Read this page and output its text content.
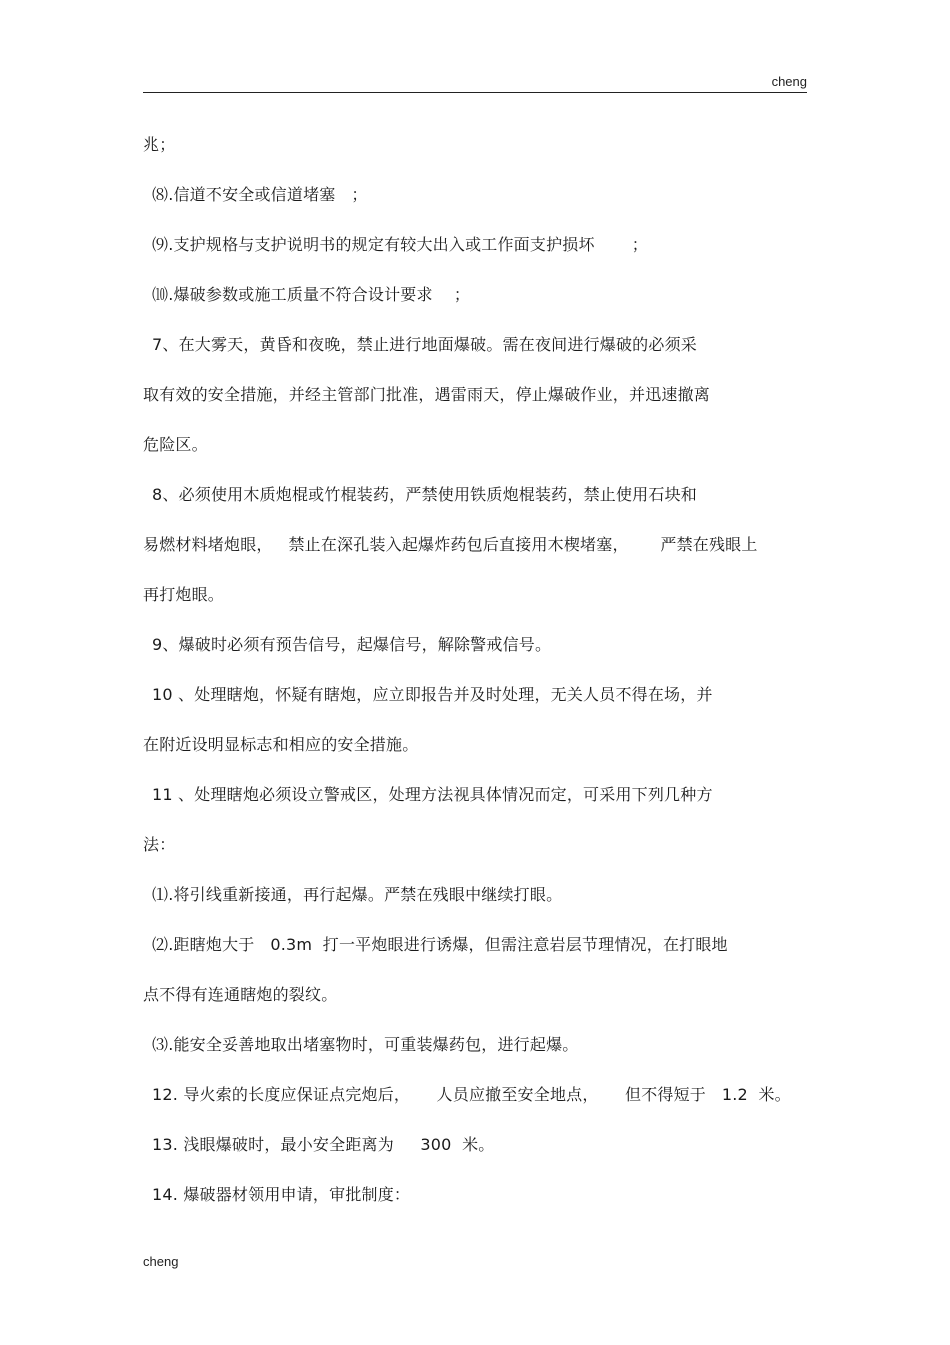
cheng
兆；
⑻.信道不安全或信道堵塞   ；
⑼.支护规格与支护说明书的规定有较大出入或工作面支护损坏       ；
⑽.爆破参数或施工质量不符合设计要求    ；
7、在大雾天，黄昏和夜晚，禁止进行地面爆破。需在夜间进行爆破的必须采
取有效的安全措施，并经主管部门批准，遇雷雨天，停止爆破作业，并迅速撤离
危险区。
8、必须使用木质炮棍或竹棍装药，严禁使用铁质炮棍装药，禁止使用石块和
易燃材料堵炮眼，   禁止在深孔装入起爆炸药包后直接用木楔堵塞，      严禁在残眼上
再打炮眼。
9、爆破时必须有预告信号，起爆信号，解除警戒信号。
10 、处理瞎炮，怀疑有瞎炮，应立即报告并及时处理，无关人员不得在场，并
在附近设明显标志和相应的安全措施。
11 、处理瞎炮必须设立警戒区，处理方法视具体情况而定，可采用下列几种方
法：
⑴.将引线重新接通，再行起爆。严禁在残眼中继续打眼。
⑵.距瞎炮大于   0.3m  打一平炮眼进行诱爆，但需注意岩层节理情况，在打眼地
点不得有连通瞎炮的裂纹。
⑶.能安全妥善地取出堵塞物时，可重装爆药包，进行起爆。
12. 导火索的长度应保证点完炮后，     人员应撤至安全地点，     但不得短于   1.2  米。
13. 浅眼爆破时，最小安全距离为     300  米。
14. 爆破器材领用申请，审批制度：
cheng
